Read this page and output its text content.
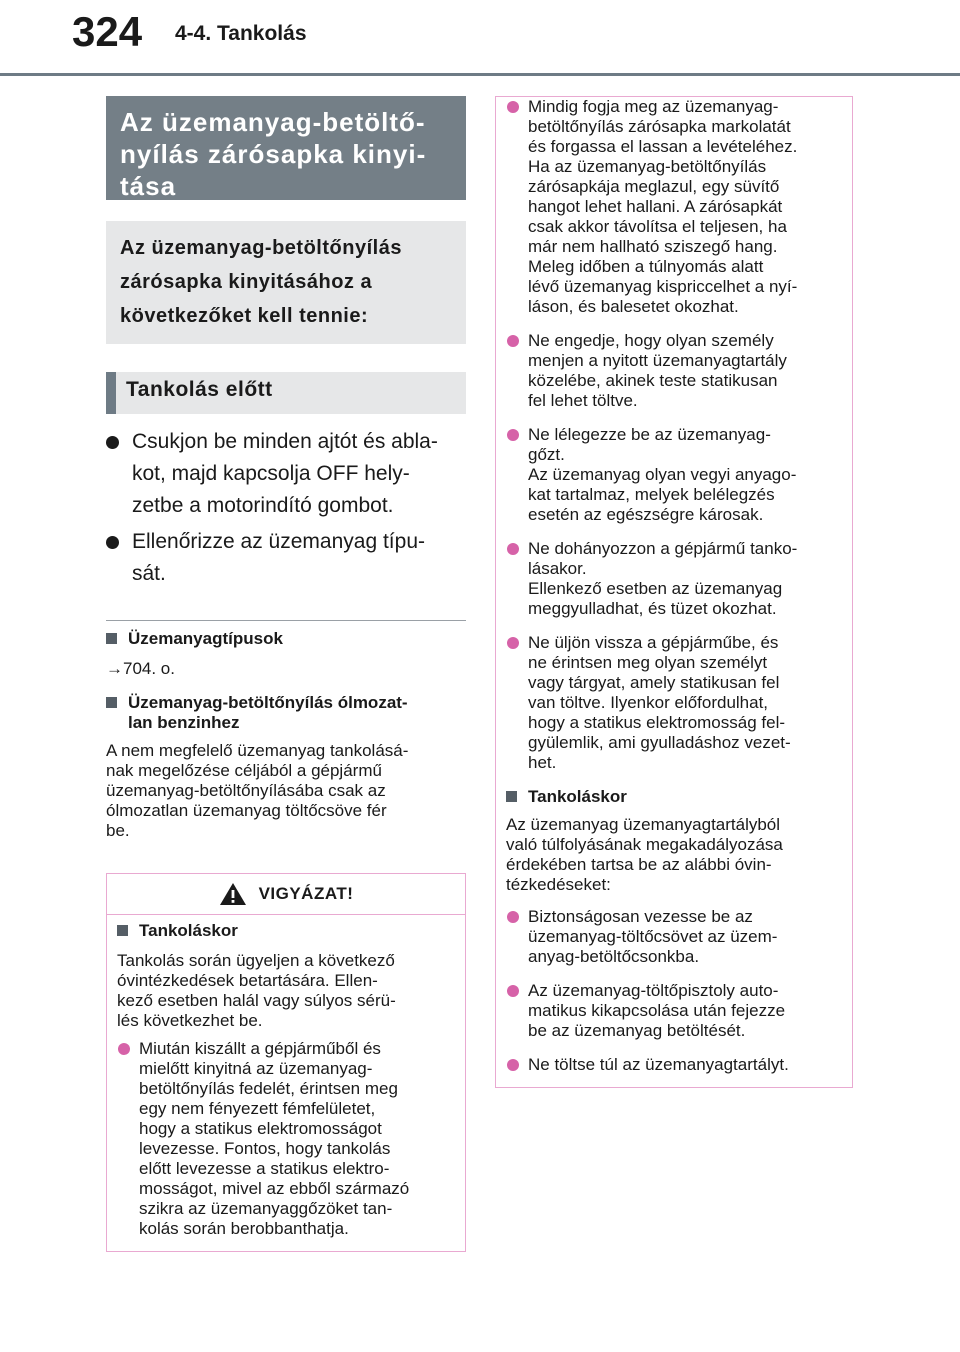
324 4-4. Tankolás
Az üzemanyag-betöltő-
nyílás zárósapka kinyi-
tása
Az üzemanyag-betöltőnyílás
zárósapka kinyitásához a
következőket kell tennie:
Tankolás előtt
Csukjon be minden ajtót és abla-
kot, majd kapcsolja OFF hely-
zetbe a motorindító gombot.
Ellenőrizze az üzemanyag típu-
sát.
Üzemanyagtípusok
→704. o.
Üzemanyag-betöltőnyílás ólmozat-
lan benzinhez
A nem megfelelő üzemanyag tankolásá-
nak megelőzése céljából a gépjármű
üzemanyag-betöltőnyílásába csak az
ólmozatlan üzemanyag töltőcsöve fér
be.
VIGYÁZAT!
Tankoláskor
Tankolás során ügyeljen a következő
óvintézkedések betartására. Ellen-
kező esetben halál vagy súlyos sérü-
lés következhet be.
Miután kiszállt a gépjárműből és
mielőtt kinyitná az üzemanyag-
betöltőnyílás fedelét, érintsen meg
egy nem fényezett fémfelületet,
hogy a statikus elektromosságot
levezesse. Fontos, hogy tankolás
előtt levezesse a statikus elektro-
mosságot, mivel az ebből származó
szikra az üzemanyaggőzöket tan-
kolás során berobbanthatja.
Mindig fogja meg az üzemanyag-
betöltőnyílás zárósapka markolatát
és forgassa el lassan a levételéhez.
Ha az üzemanyag-betöltőnyílás
zárósapkája meglazul, egy süvítő
hangot lehet hallani. A zárósapkát
csak akkor távolítsa el teljesen, ha
már nem hallható sziszegő hang.
Meleg időben a túlnyomás alatt
lévő üzemanyag kispriccelhet a nyí-
láson, és balesetet okozhat.
Ne engedje, hogy olyan személy
menjen a nyitott üzemanyagtartály
közelébe, akinek teste statikusan
fel lehet töltve.
Ne lélegezze be az üzemanyag-
gőzt.
Az üzemanyag olyan vegyi anyago-
kat tartalmaz, melyek belélegzés
esetén az egészségre károsak.
Ne dohányozzon a gépjármű tanko-
lásakor.
Ellenkező esetben az üzemanyag
meggyulladhat, és tüzet okozhat.
Ne üljön vissza a gépjárműbe, és
ne érintsen meg olyan személyt
vagy tárgyat, amely statikusan fel
van töltve. Ilyenkor előfordulhat,
hogy a statikus elektromosság fel-
gyülemlik, ami gyulladáshoz vezet-
het.
Tankoláskor
Az üzemanyag üzemanyagtartályból
való túlfolyásának megakadályozása
érdekében tartsa be az alábbi óvin-
tézkedéseket:
Biztonságosan vezesse be az
üzemanyag-töltőcsövet az üzem-
anyag-betöltőcsonkba.
Az üzemanyag-töltőpisztoly auto-
matikus kikapcsolása után fejezze
be az üzemanyag betöltését.
Ne töltse túl az üzemanyagtartályt.
